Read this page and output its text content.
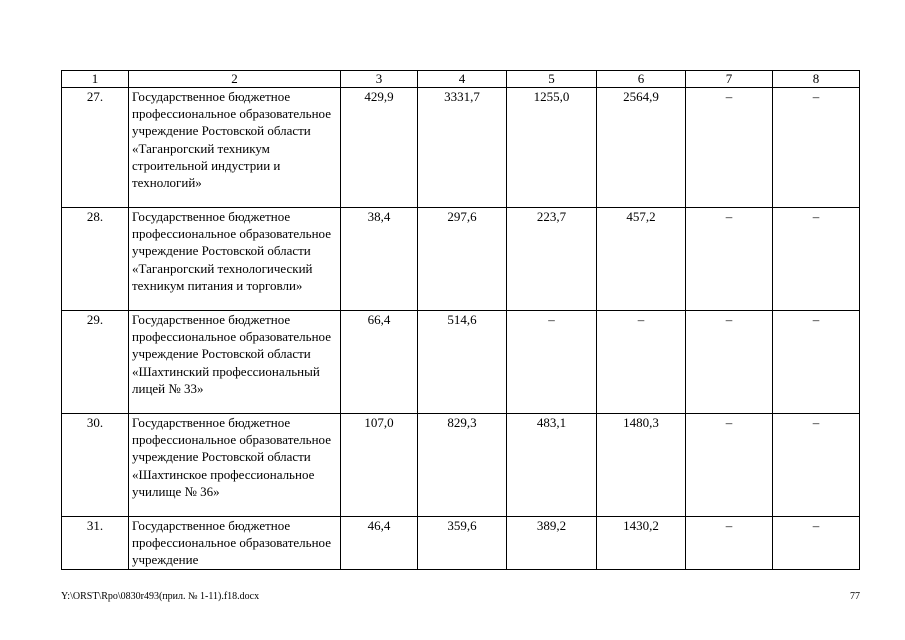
1	2	3	4	5	6	7	8
27.	Государственное бюджетное профессиональное образовательное учреждение Ростовской области «Таганрогский техникум строительной индустрии и технологий»	429,9	3331,7	1255,0	2564,9	–	–
28.	Государственное бюджетное профессиональное образовательное учреждение Ростовской области «Таганрогский технологический техникум питания и торговли»	38,4	297,6	223,7	457,2	–	–
29.	Государственное бюджетное профессиональное образовательное учреждение Ростовской области «Шахтинский профессиональный лицей № 33»	66,4	514,6	–	–	–	–
30.	Государственное бюджетное профессиональное образовательное учреждение Ростовской области «Шахтинское профессиональное училище № 36»	107,0	829,3	483,1	1480,3	–	–
31.	Государственное бюджетное профессиональное образовательное учреждение	46,4	359,6	389,2	1430,2	–	–
Y:\ORST\Rpo\0830r493(прил. № 1-11).f18.docx	77
